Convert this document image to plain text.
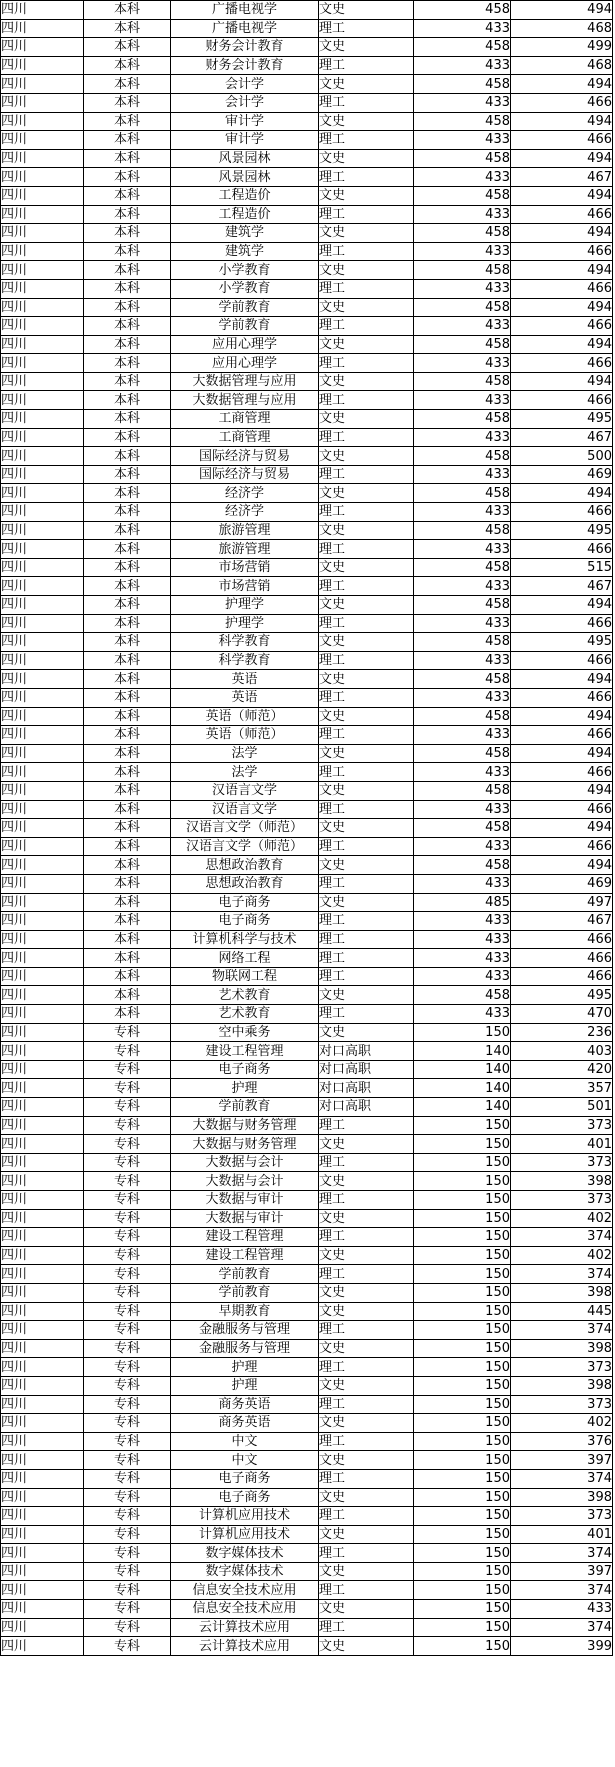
四川	本科	广播电视学	文史	458	494
四川	本科	广播电视学	理工	433	468
四川	本科	财务会计教育	文史	458	499
四川	本科	财务会计教育	理工	433	468
四川	本科	会计学	文史	458	494
四川	本科	会计学	理工	433	466
四川	本科	审计学	文史	458	494
四川	本科	审计学	理工	433	466
四川	本科	风景园林	文史	458	494
四川	本科	风景园林	理工	433	467
四川	本科	工程造价	文史	458	494
四川	本科	工程造价	理工	433	466
四川	本科	建筑学	文史	458	494
四川	本科	建筑学	理工	433	466
四川	本科	小学教育	文史	458	494
四川	本科	小学教育	理工	433	466
四川	本科	学前教育	文史	458	494
四川	本科	学前教育	理工	433	466
四川	本科	应用心理学	文史	458	494
四川	本科	应用心理学	理工	433	466
四川	本科	大数据管理与应用	文史	458	494
四川	本科	大数据管理与应用	理工	433	466
四川	本科	工商管理	文史	458	495
四川	本科	工商管理	理工	433	467
四川	本科	国际经济与贸易	文史	458	500
四川	本科	国际经济与贸易	理工	433	469
四川	本科	经济学	文史	458	494
四川	本科	经济学	理工	433	466
四川	本科	旅游管理	文史	458	495
四川	本科	旅游管理	理工	433	466
四川	本科	市场营销	文史	458	515
四川	本科	市场营销	理工	433	467
四川	本科	护理学	文史	458	494
四川	本科	护理学	理工	433	466
四川	本科	科学教育	文史	458	495
四川	本科	科学教育	理工	433	466
四川	本科	英语	文史	458	494
四川	本科	英语	理工	433	466
四川	本科	英语（师范）	文史	458	494
四川	本科	英语（师范）	理工	433	466
四川	本科	法学	文史	458	494
四川	本科	法学	理工	433	466
四川	本科	汉语言文学	文史	458	494
四川	本科	汉语言文学	理工	433	466
四川	本科	汉语言文学（师范）	文史	458	494
四川	本科	汉语言文学（师范）	理工	433	466
四川	本科	思想政治教育	文史	458	494
四川	本科	思想政治教育	理工	433	469
四川	本科	电子商务	文史	485	497
四川	本科	电子商务	理工	433	467
四川	本科	计算机科学与技术	理工	433	466
四川	本科	网络工程	理工	433	466
四川	本科	物联网工程	理工	433	466
四川	本科	艺术教育	文史	458	495
四川	本科	艺术教育	理工	433	470
四川	专科	空中乘务	文史	150	236
四川	专科	建设工程管理	对口高职	140	403
四川	专科	电子商务	对口高职	140	420
四川	专科	护理	对口高职	140	357
四川	专科	学前教育	对口高职	140	501
四川	专科	大数据与财务管理	理工	150	373
四川	专科	大数据与财务管理	文史	150	401
四川	专科	大数据与会计	理工	150	373
四川	专科	大数据与会计	文史	150	398
四川	专科	大数据与审计	理工	150	373
四川	专科	大数据与审计	文史	150	402
四川	专科	建设工程管理	理工	150	374
四川	专科	建设工程管理	文史	150	402
四川	专科	学前教育	理工	150	374
四川	专科	学前教育	文史	150	398
四川	专科	早期教育	文史	150	445
四川	专科	金融服务与管理	理工	150	374
四川	专科	金融服务与管理	文史	150	398
四川	专科	护理	理工	150	373
四川	专科	护理	文史	150	398
四川	专科	商务英语	理工	150	373
四川	专科	商务英语	文史	150	402
四川	专科	中文	理工	150	376
四川	专科	中文	文史	150	397
四川	专科	电子商务	理工	150	374
四川	专科	电子商务	文史	150	398
四川	专科	计算机应用技术	理工	150	373
四川	专科	计算机应用技术	文史	150	401
四川	专科	数字媒体技术	理工	150	374
四川	专科	数字媒体技术	文史	150	397
四川	专科	信息安全技术应用	理工	150	374
四川	专科	信息安全技术应用	文史	150	433
四川	专科	云计算技术应用	理工	150	374
四川	专科	云计算技术应用	文史	150	399
